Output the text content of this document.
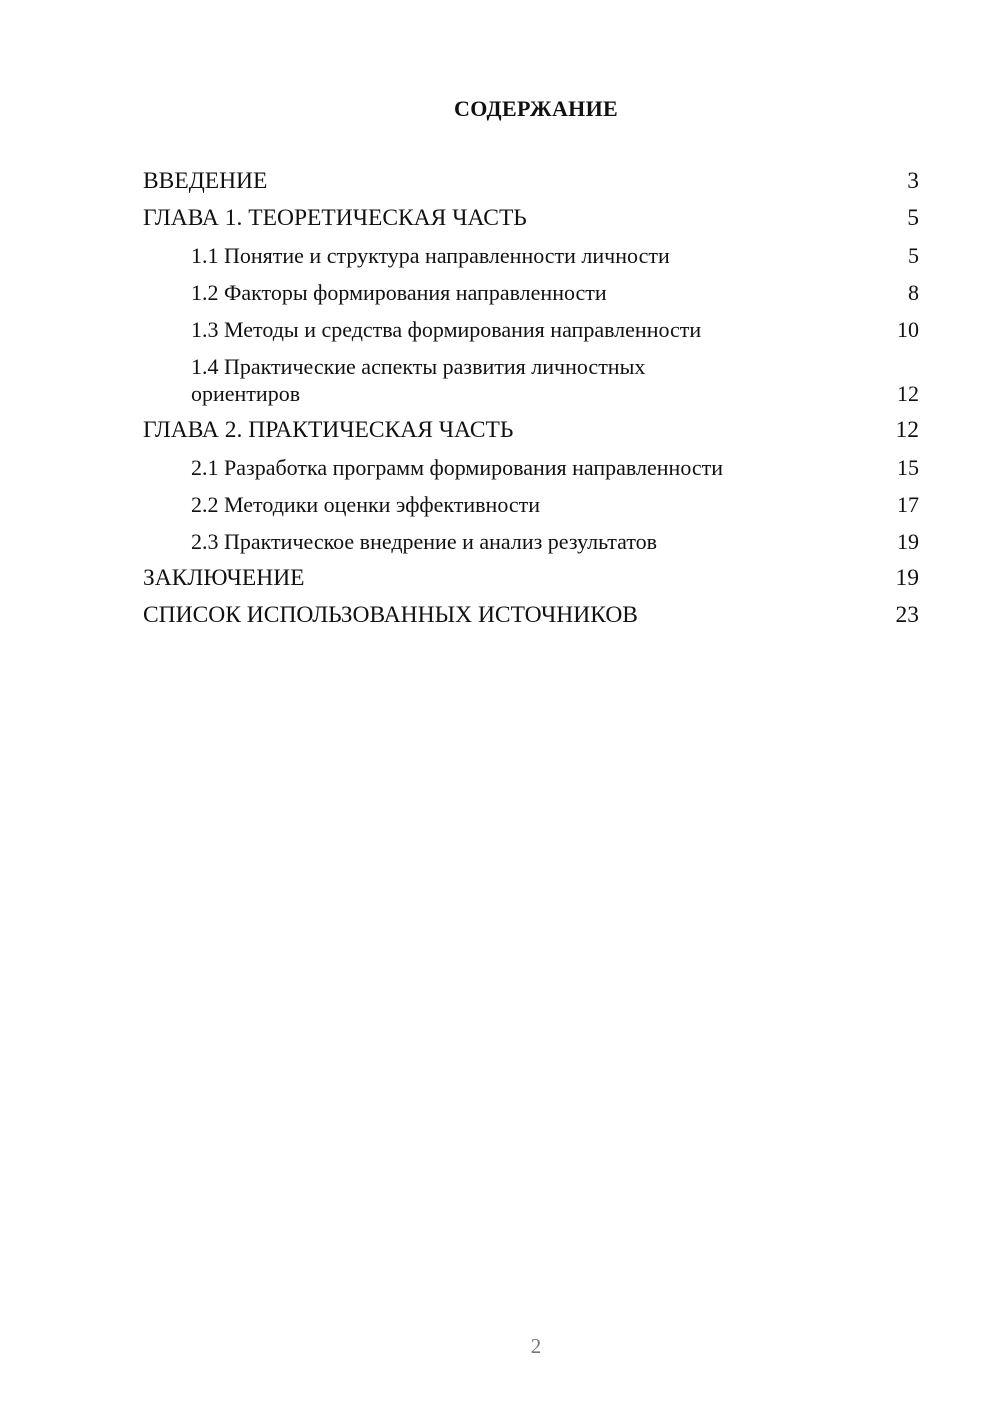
СОДЕРЖАНИЕ
ВВЕДЕНИЕ	3
ГЛАВА 1. ТЕОРЕТИЧЕСКАЯ ЧАСТЬ	5
1.1 Понятие и структура направленности личности	5
1.2 Факторы формирования направленности	8
1.3 Методы и средства формирования направленности	10
1.4 Практические аспекты развития личностных ориентиров	12
ГЛАВА 2. ПРАКТИЧЕСКАЯ ЧАСТЬ	12
2.1 Разработка программ формирования направленности	15
2.2 Методики оценки эффективности	17
2.3 Практическое внедрение и анализ результатов	19
ЗАКЛЮЧЕНИЕ	19
СПИСОК ИСПОЛЬЗОВАННЫХ ИСТОЧНИКОВ	23
2
